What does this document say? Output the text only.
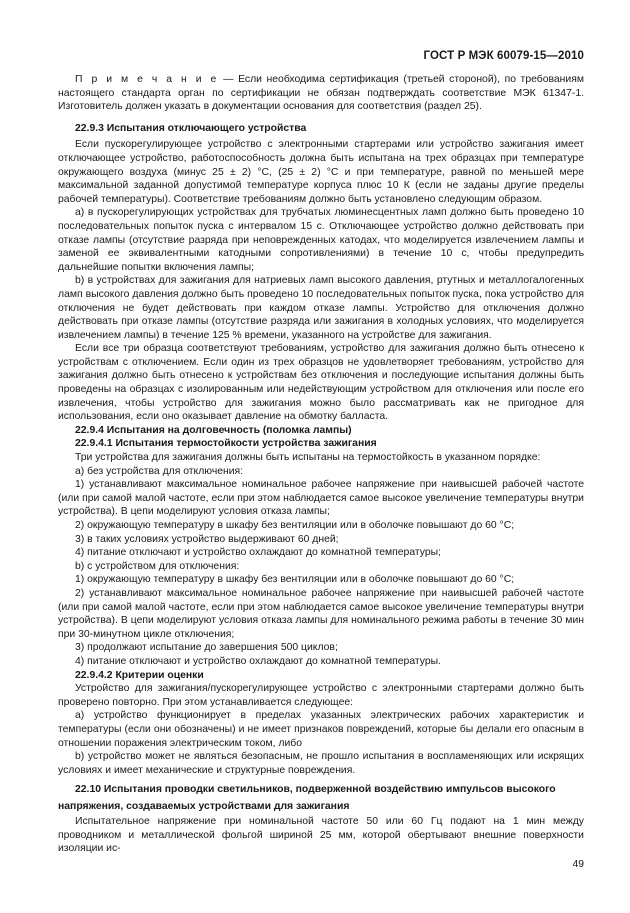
ГОСТ Р МЭК 60079-15—2010

П р и м е ч а н и е — Если необходима сертификация (третьей стороной), по требованиям настоящего стандарта орган по сертификации не обязан подтверждать соответствие МЭК 61347-1. Изготовитель должен указать в документации основания для соответствия (раздел 25).

22.9.3 Испытания отключающего устройства

Если пускорегулирующее устройство с электронными стартерами или устройство зажигания имеет отключающее устройство, работоспособность должна быть испытана на трех образцах при температуре окружающего воздуха (минус 25 ± 2) °С, (25 ± 2) °С и при температуре, равной по меньшей мере максимальной заданной допустимой температуре корпуса плюс 10 К (если не заданы другие пределы рабочей температуры). Соответствие требованиям должно быть установлено следующим образом.

а) в пускорегулирующих устройствах для трубчатых люминесцентных ламп должно быть проведено 10 последовательных попыток пуска с интервалом 15 с. Отключающее устройство должно действовать при отказе лампы (отсутствие разряда при неповрежденных катодах, что моделируется извлечением лампы и заменой ее эквивалентными катодными сопротивлениями) в течение 10 с, чтобы предупредить дальнейшие попытки включения лампы;

b) в устройствах для зажигания для натриевых ламп высокого давления, ртутных и металлогалогенных ламп высокого давления должно быть проведено 10 последовательных попыток пуска, пока устройство для отключения не будет действовать при каждом отказе лампы. Устройство для отключения должно действовать при отказе лампы (отсутствие разряда или зажигания в холодных условиях, что моделируется извлечением лампы) в течение 125 % времени, указанного на устройстве для зажигания.

Если все три образца соответствуют требованиям, устройство для зажигания должно быть отнесено к устройствам с отключением. Если один из трех образцов не удовлетворяет требованиям, устройство для зажигания должно быть отнесено к устройствам без отключения и последующие испытания должны быть проведены на образцах с изолированным или недействующим устройством для отключения или после его извлечения, чтобы устройство для зажигания можно было рассматривать как не пригодное для использования, если оно оказывает давление на обмотку балласта.

22.9.4 Испытания на долговечность (поломка лампы)

22.9.4.1 Испытания термостойкости устройства зажигания

Три устройства для зажигания должны быть испытаны на термостойкость в указанном порядке:

а) без устройства для отключения:

1) устанавливают максимальное номинальное рабочее напряжение при наивысшей рабочей частоте (или при самой малой частоте, если при этом наблюдается самое высокое увеличение температуры внутри устройства). В цепи моделируют условия отказа лампы;

2) окружающую температуру в шкафу без вентиляции или в оболочке повышают до 60 °С;

3) в таких условиях устройство выдерживают 60 дней;

4) питание отключают и устройство охлаждают до комнатной температуры;

b) с устройством для отключения:

1) окружающую температуру в шкафу без вентиляции или в оболочке повышают до 60 °С;

2) устанавливают максимальное номинальное рабочее напряжение при наивысшей рабочей частоте (или при самой малой частоте, если при этом наблюдается самое высокое увеличение температуры внутри устройства). В цепи моделируют условия отказа лампы для номинального режима работы в течение 30 мин при 30-минутном цикле отключения;

3) продолжают испытание до завершения 500 циклов;

4) питание отключают и устройство охлаждают до комнатной температуры.

22.9.4.2 Критерии оценки

Устройство для зажигания/пускорегулирующее устройство с электронными стартерами должно быть проверено повторно. При этом устанавливается следующее:

а) устройство функционирует в пределах указанных электрических рабочих характеристик и температуры (если они обозначены) и не имеет признаков повреждений, которые бы делали его опасным в отношении поражения электрическим током, либо

b) устройство может не являться безопасным, не прошло испытания в воспламеняющих или искрящих условиях и имеет механические и структурные повреждения.

22.10 Испытания проводки светильников, подверженной воздействию импульсов высокого напряжения, создаваемых устройствами для зажигания

Испытательное напряжение при номинальной частоте 50 или 60 Гц подают на 1 мин между проводником и металлической фольгой шириной 25 мм, которой обертывают внешние поверхности изоляции ис-

49
